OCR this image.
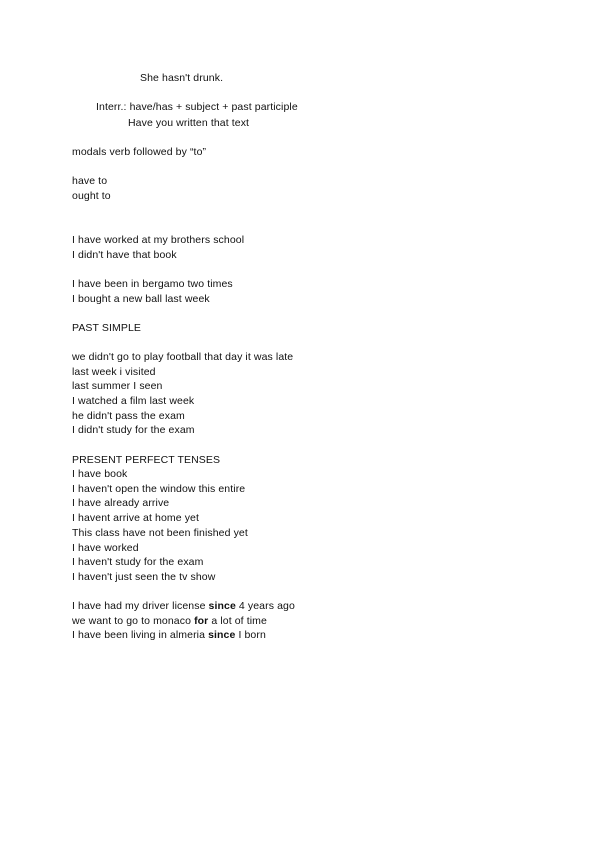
She hasn't drunk.
Interr.: have/has + subject + past participle
Have you written that text
modals verb followed by “to”
have to
ought to
I have worked at my brothers school
I didn't have that book
I have been in bergamo two times
I bought a new ball last week
PAST SIMPLE
we didn't go to play football that day it was late
last week i visited
last summer I seen
I watched a film last week
he didn't pass the exam
I didn't study for the exam
PRESENT PERFECT TENSES
I have book
I haven't open the window this entire
I have already arrive
I havent arrive at home yet
This class have not been finished yet
I have worked
I haven't study for the exam
I haven't just seen the tv show
I have had my driver license since 4 years ago
we want to go to monaco for a lot of time
I have been living in almeria since I born
